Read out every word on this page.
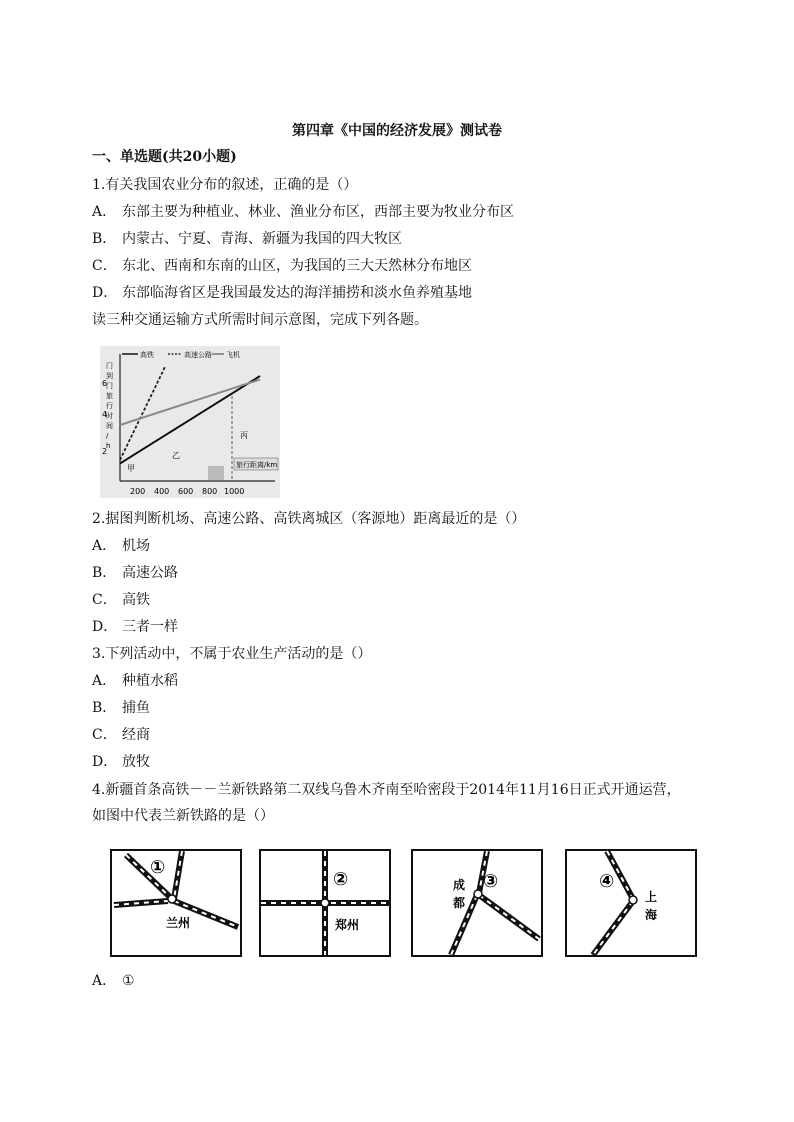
第四章《中国的经济发展》测试卷
一、单选题(共20小题)
1.有关我国农业分布的叙述，正确的是（）
A． 东部主要为种植业、林业、渔业分布区，西部主要为牧业分布区
B． 内蒙古、宁夏、青海、新疆为我国的四大牧区
C． 东北、西南和东南的山区，为我国的三大天然林分布地区
D． 东部临海省区是我国最发达的海洋捕捞和淡水鱼养殖基地
读三种交通运输方式所需时间示意图，完成下列各题。
高铁	高速公路 飞机
门
到
门
旅
行
时
间
/
h
6
4
2
200 400 600 800 1000
旅行距离/km
甲
乙
丙
2.据图判断机场、高速公路、高铁离城区（客源地）距离最近的是（）
A． 机场
B． 高速公路
C． 高铁
D． 三者一样
3.下列活动中，不属于农业生产活动的是（）
A． 种植水稻
B． 捕鱼
C． 经商
D． 放牧
4.新疆首条高铁－－兰新铁路第二双线乌鲁木齐南至哈密段于2014年11月16日正式开通运营，
如图中代表兰新铁路的是（）
①
兰州
②
郑州
③
成
都
④
上
海
A． ①
